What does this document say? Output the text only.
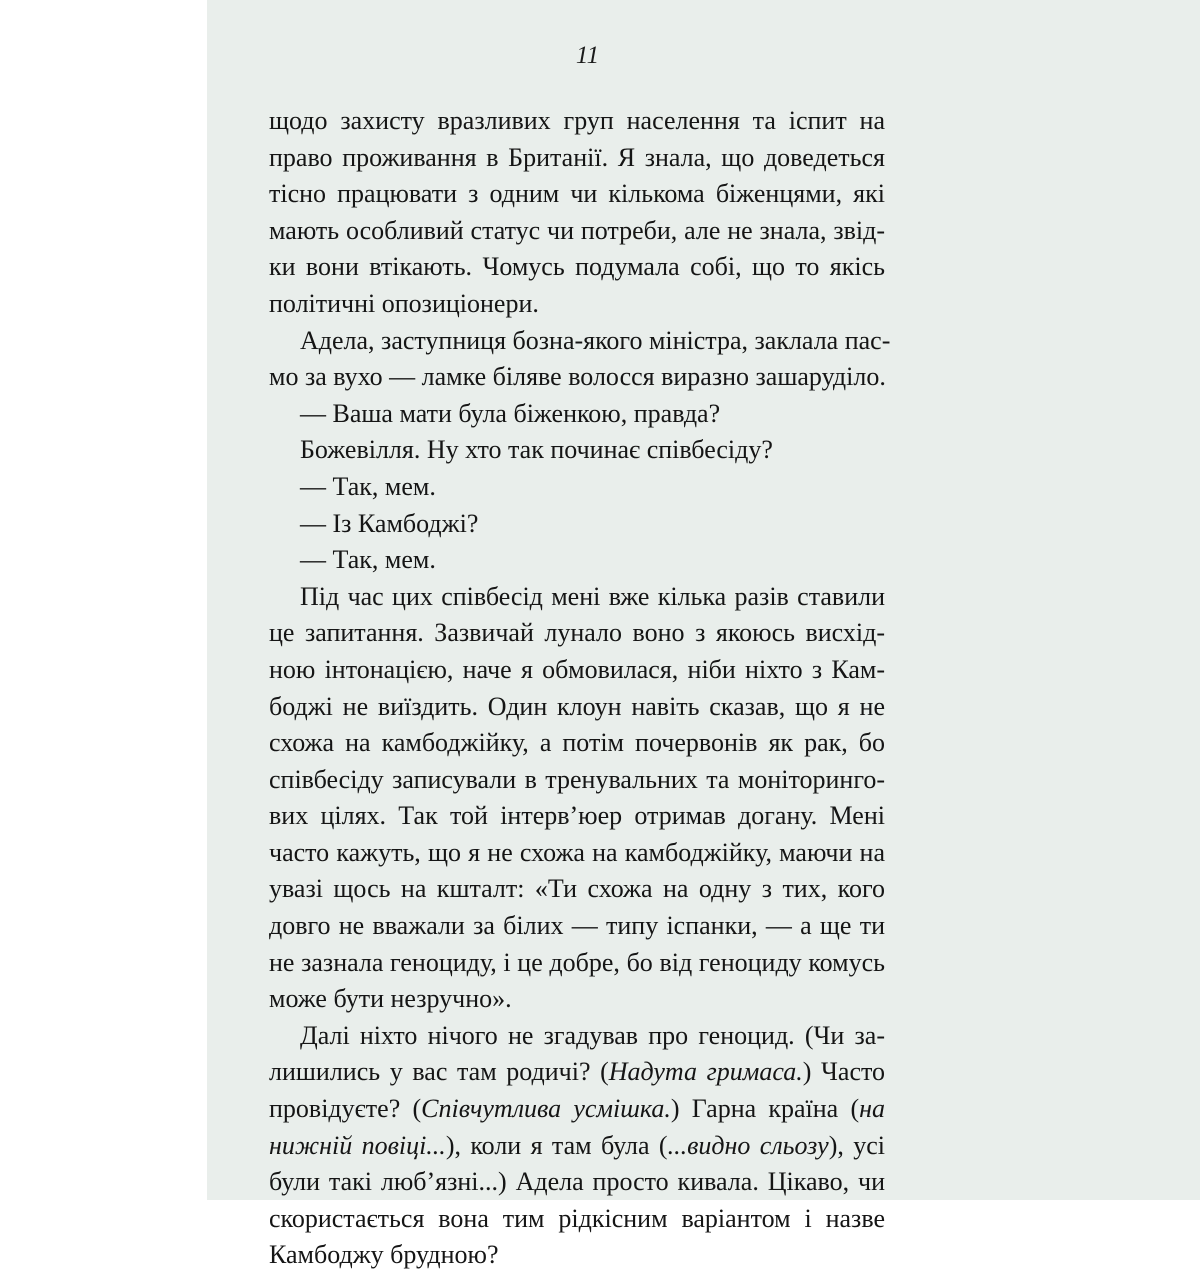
11
щодо захисту вразливих груп населення та іспит на
право проживання в Британії. Я знала, що доведеться
тісно працювати з одним чи кількома біженцями, які
мають особливий статус чи потреби, але не знала, звід-
ки вони втікають. Чомусь подумала собі, що то якісь
політичні опозиціонери.
Адела, заступниця бозна-якого міністра, заклала пас-
мо за вухо — ламке біляве волосся виразно зашаруділо.
— Ваша мати була біженкою, правда?
Божевілля. Ну хто так починає співбесіду?
— Так, мем.
— Із Камбоджі?
— Так, мем.
Під час цих співбесід мені вже кілька разів ставили
це запитання. Зазвичай лунало воно з якоюсь висхід-
ною інтонацією, наче я обмовилася, ніби ніхто з Кам-
боджі не виїздить. Один клоун навіть сказав, що я не
схожа на камбоджійку, а потім почервонів як рак, бо
співбесіду записували в тренувальних та моніторинго-
вих цілях. Так той інтерв’юер отримав догану. Мені
часто кажуть, що я не схожа на камбоджійку, маючи на
увазі щось на кшталт: «Ти схожа на одну з тих, кого
довго не вважали за білих — типу іспанки, — а ще ти
не зазнала геноциду, і це добре, бо від геноциду комусь
може бути незручно».
Далі ніхто нічого не згадував про геноцид. (Чи за-
лишились у вас там родичі? (Надута гримаса.) Часто
провідуєте? (Співчутлива усмішка.) Гарна країна (на
нижній повіці...), коли я там була (...видно сльозу), усі
були такі люб’язні...) Адела просто кивала. Цікаво, чи
скористається вона тим рідкісним варіантом і назве
Камбоджу брудною?
